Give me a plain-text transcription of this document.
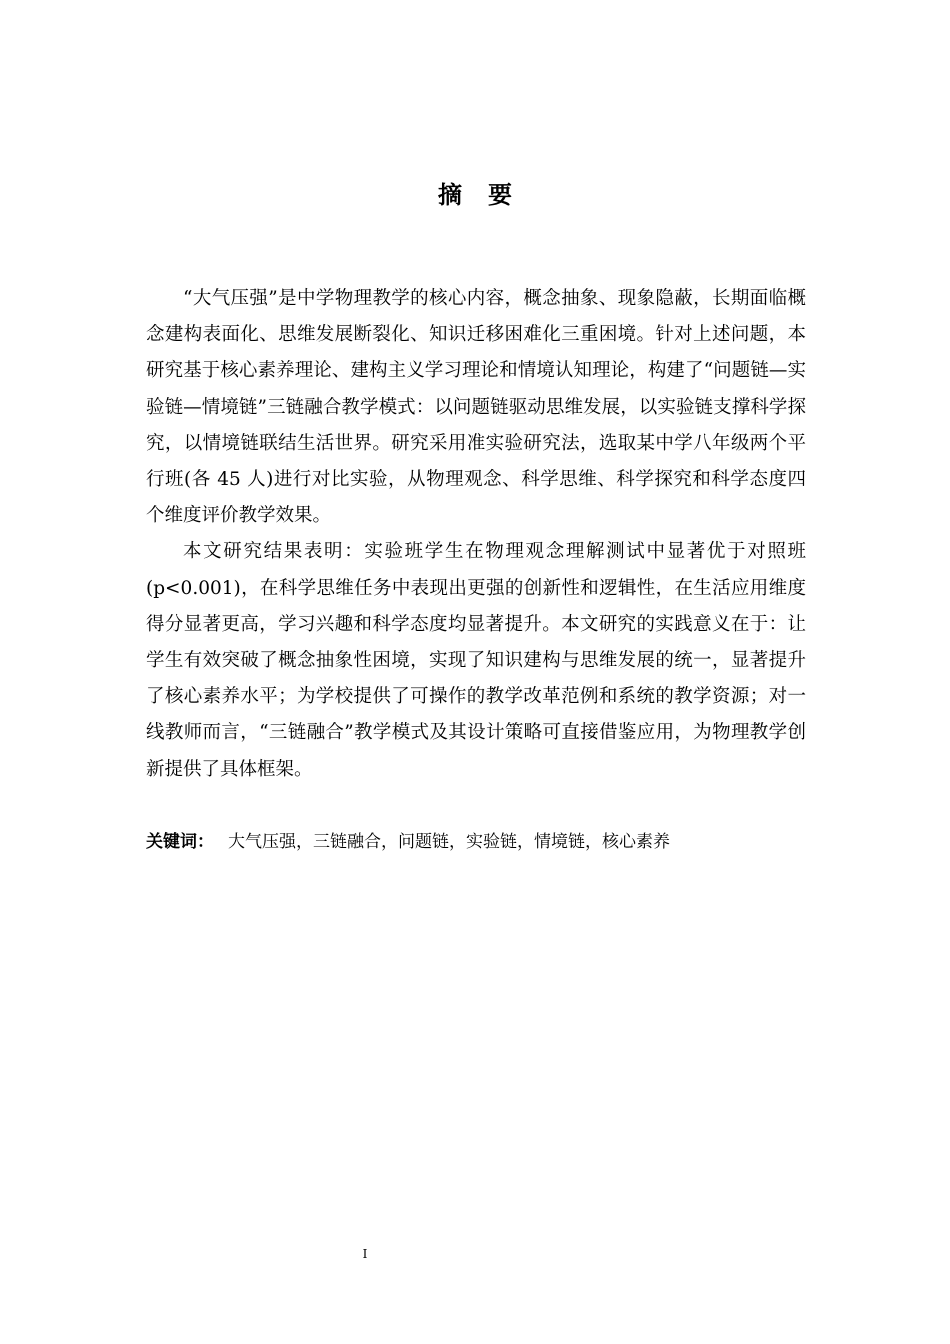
摘要

“大气压强”是中学物理教学的核心内容，概念抽象、现象隐蔽，长期面临概念建构表面化、思维发展断裂化、知识迁移困难化三重困境。针对上述问题，本研究基于核心素养理论、建构主义学习理论和情境认知理论，构建了“问题链—实验链—情境链”三链融合教学模式：以问题链驱动思维发展，以实验链支撑科学探究，以情境链联结生活世界。研究采用准实验研究法，选取某中学八年级两个平行班(各 45 人)进行对比实验，从物理观念、科学思维、科学探究和科学态度四个维度评价教学效果。

本文研究结果表明：实验班学生在物理观念理解测试中显著优于对照班(p<0.001)，在科学思维任务中表现出更强的创新性和逻辑性，在生活应用维度得分显著更高，学习兴趣和科学态度均显著提升。本文研究的实践意义在于：让学生有效突破了概念抽象性困境，实现了知识建构与思维发展的统一，显著提升了核心素养水平；为学校提供了可操作的教学改革范例和系统的教学资源；对一线教师而言，“三链融合”教学模式及其设计策略可直接借鉴应用，为物理教学创新提供了具体框架。

关键词： 大气压强，三链融合，问题链，实验链，情境链，核心素养
I
